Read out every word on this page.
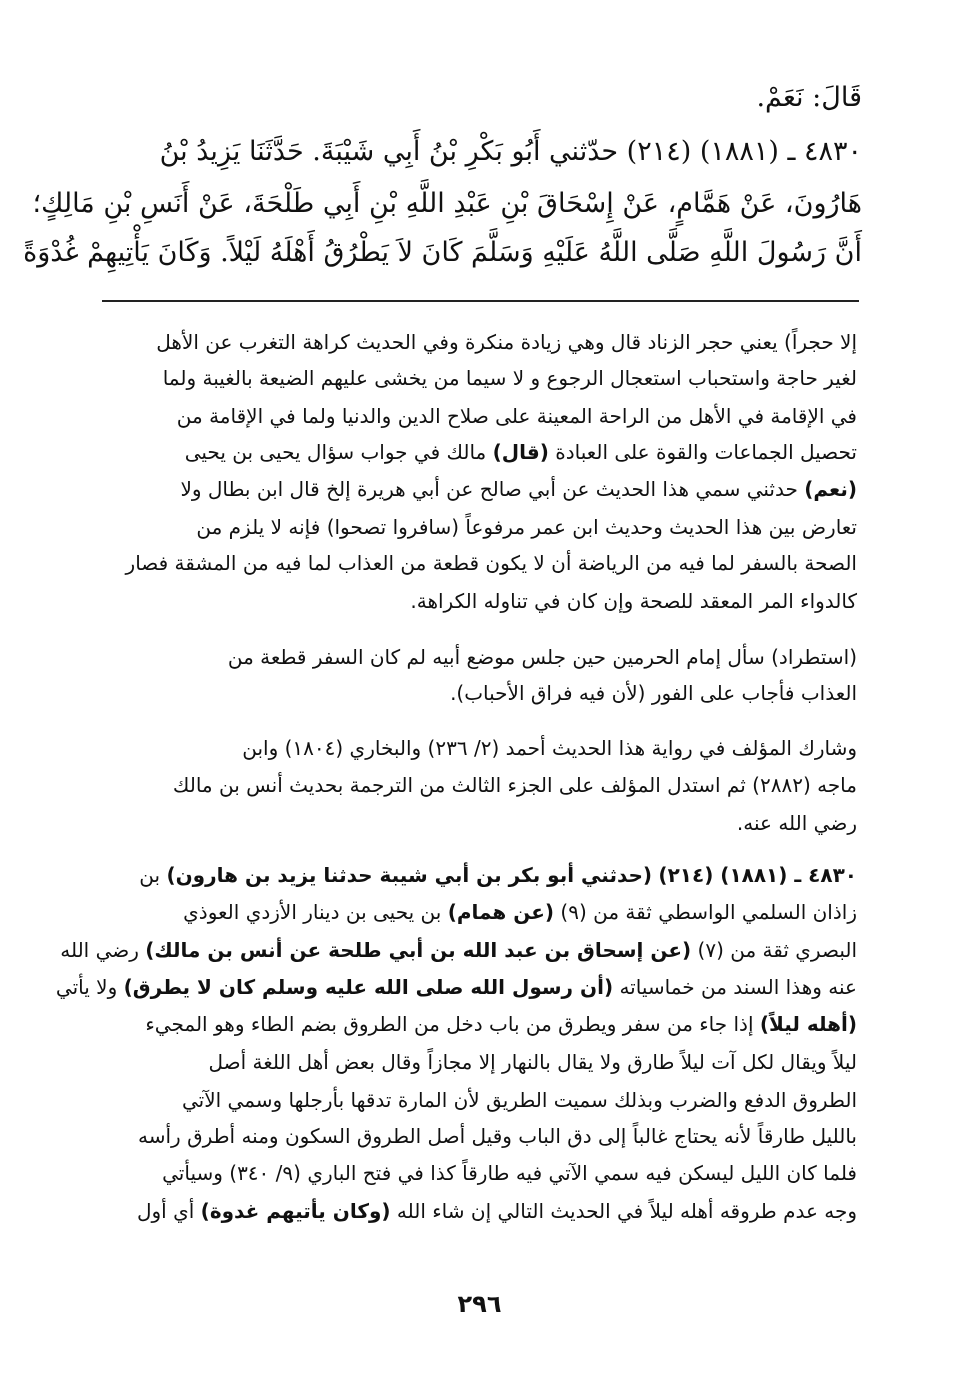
قَالَ: نَعَمْ.
٤٨٣٠ ـ (١٨٨١) (٢١٤) حدّثني أَبُو بَكْرِ بْنُ أَبِي شَيْبَةَ. حَدَّثَنَا يَزِيدُ بْنُ
هَارُونَ، عَنْ هَمَّامٍ، عَنْ إِسْحَاقَ بْنِ عَبْدِ اللَّهِ بْنِ أَبِي طَلْحَةَ، عَنْ أَنَسِ بْنِ مَالِكٍ؛
أَنَّ رَسُولَ اللَّهِ صَلَّى اللَّهُ عَلَيْهِ وَسَلَّمَ كَانَ لاَ يَطْرُقُ أَهْلَهُ لَيْلاً. وَكَانَ يَأْتِيهِمْ غُدْوَةً
إلا حجراً) يعني حجر الزناد قال وهي زيادة منكرة وفي الحديث كراهة التغرب عن الأهل
لغير حاجة واستحباب استعجال الرجوع و لا سيما من يخشى عليهم الضيعة بالغيبة ولما
في الإقامة في الأهل من الراحة المعينة على صلاح الدين والدنيا ولما في الإقامة من
تحصيل الجماعات والقوة على العبادة (قال) مالك في جواب سؤال يحيى بن يحيى
(نعم) حدثني سمي هذا الحديث عن أبي صالح عن أبي هريرة إلخ قال ابن بطال ولا
تعارض بين هذا الحديث وحديث ابن عمر مرفوعاً (سافروا تصحوا) فإنه لا يلزم من
الصحة بالسفر لما فيه من الرياضة أن لا يكون قطعة من العذاب لما فيه من المشقة فصار
كالدواء المر المعقد للصحة وإن كان في تناوله الكراهة.
(استطراد) سأل إمام الحرمين حين جلس موضع أبيه لم كان السفر قطعة من
العذاب فأجاب على الفور (لأن فيه فراق الأحباب).
وشارك المؤلف في رواية هذا الحديث أحمد (٢/ ٢٣٦) والبخاري (١٨٠٤) وابن
ماجه (٢٨٨٢) ثم استدل المؤلف على الجزء الثالث من الترجمة بحديث أنس بن مالك
رضي الله عنه.
٤٨٣٠ ـ (١٨٨١) (٢١٤) (حدثني أبو بكر بن أبي شيبة حدثنا يزيد بن هارون) بن
زاذان السلمي الواسطي ثقة من (٩) (عن همام) بن يحيى بن دينار الأزدي العوذي
البصري ثقة من (٧) (عن إسحاق بن عبد الله بن أبي طلحة عن أنس بن مالك) رضي الله
عنه وهذا السند من خماسياته (أن رسول الله صلى الله عليه وسلم كان لا يطرق) ولا يأتي
(أهله ليلاً) إذا جاء من سفر ويطرق من باب دخل من الطروق بضم الطاء وهو المجيء
ليلاً ويقال لكل آت ليلاً طارق ولا يقال بالنهار إلا مجازاً وقال بعض أهل اللغة أصل
الطروق الدفع والضرب وبذلك سميت الطريق لأن المارة تدقها بأرجلها وسمي الآتي
بالليل طارقاً لأنه يحتاج غالباً إلى دق الباب وقيل أصل الطروق السكون ومنه أطرق رأسه
فلما كان الليل ليسكن فيه سمي الآتي فيه طارقاً كذا في فتح الباري (٩/ ٣٤٠) وسيأتي
وجه عدم طروقه أهله ليلاً في الحديث التالي إن شاء الله (وكان يأتيهم غدوة) أي أول
٢٩٦
